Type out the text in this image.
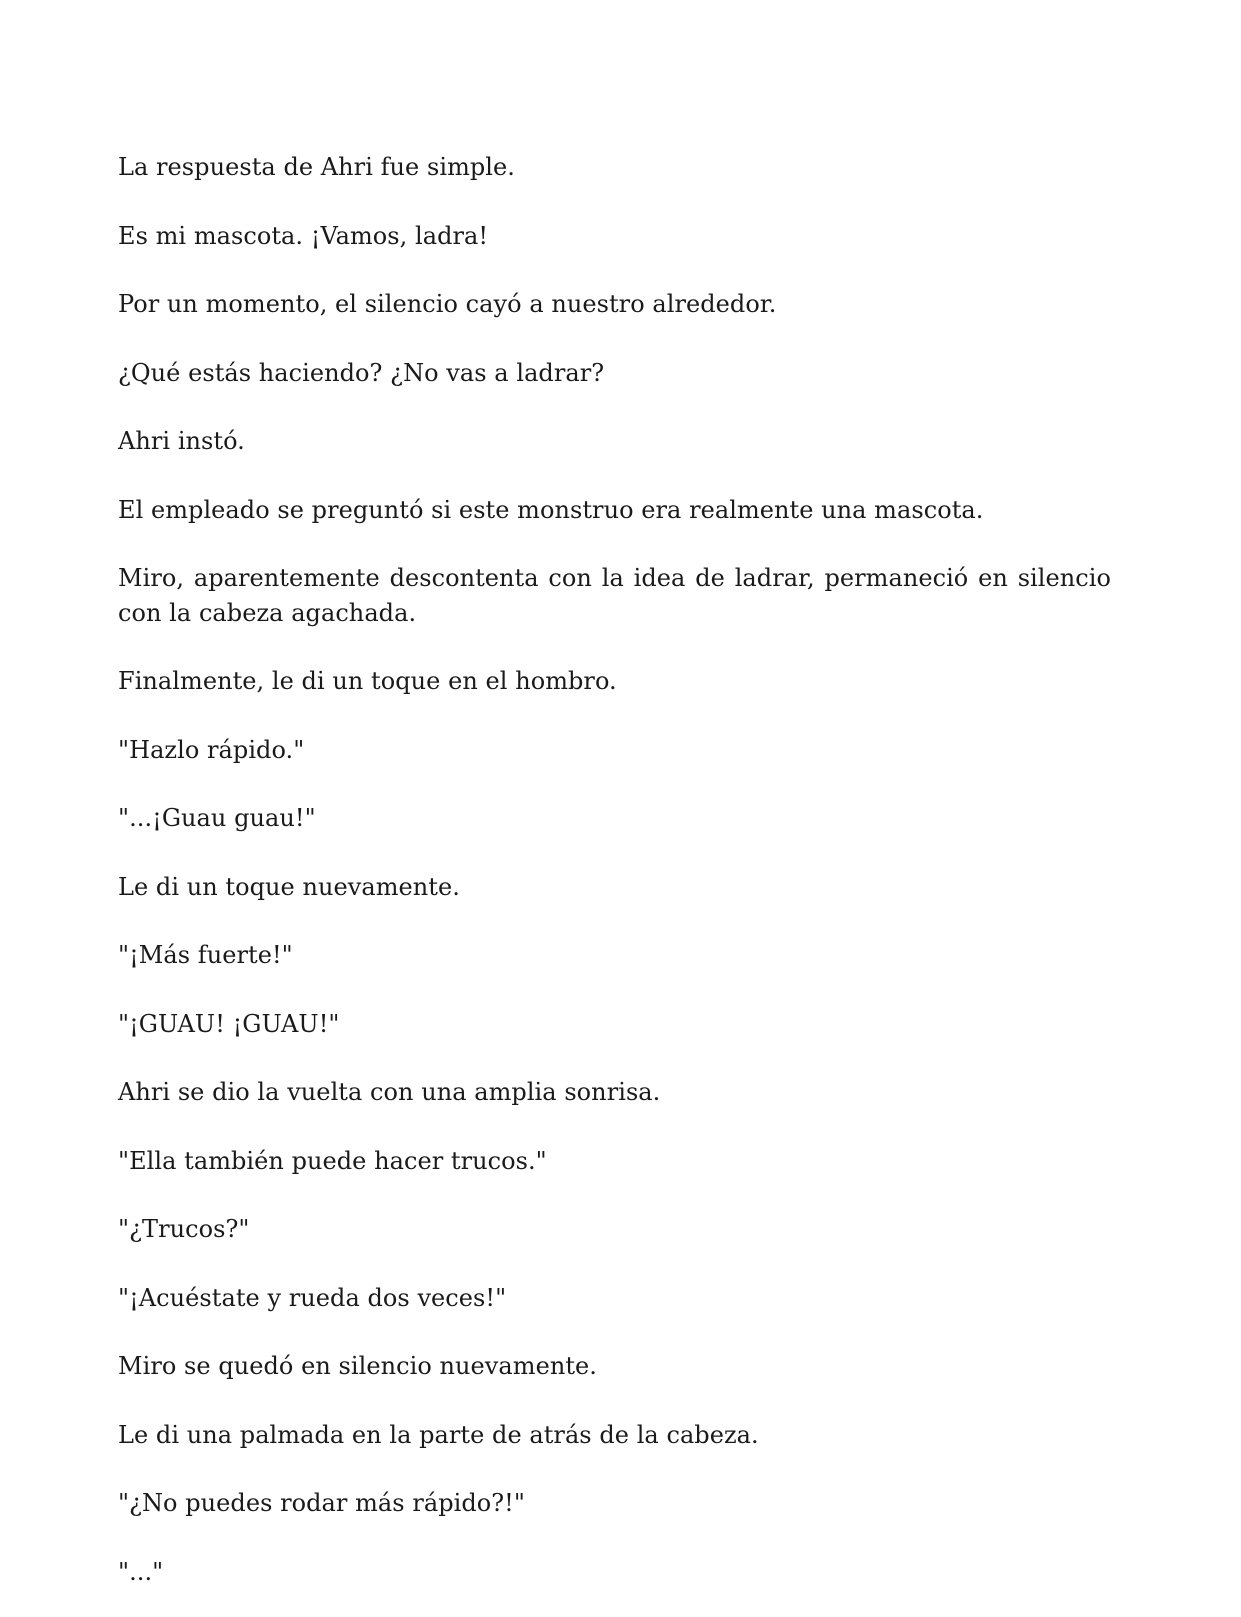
La respuesta de Ahri fue simple.

Es mi mascota. ¡Vamos, ladra!

Por un momento, el silencio cayó a nuestro alrededor.

¿Qué estás haciendo? ¿No vas a ladrar?

Ahri instó.

El empleado se preguntó si este monstruo era realmente una mascota.

Miro, aparentemente descontenta con la idea de ladrar, permaneció en silencio con la cabeza agachada.

Finalmente, le di un toque en el hombro.

"Hazlo rápido."

"...¡Guau guau!"

Le di un toque nuevamente.

"¡Más fuerte!"

"¡GUAU! ¡GUAU!"

Ahri se dio la vuelta con una amplia sonrisa.

"Ella también puede hacer trucos."

"¿Trucos?"

"¡Acuéstate y rueda dos veces!"

Miro se quedó en silencio nuevamente.

Le di una palmada en la parte de atrás de la cabeza.

"¿No puedes rodar más rápido?!"

"..."
